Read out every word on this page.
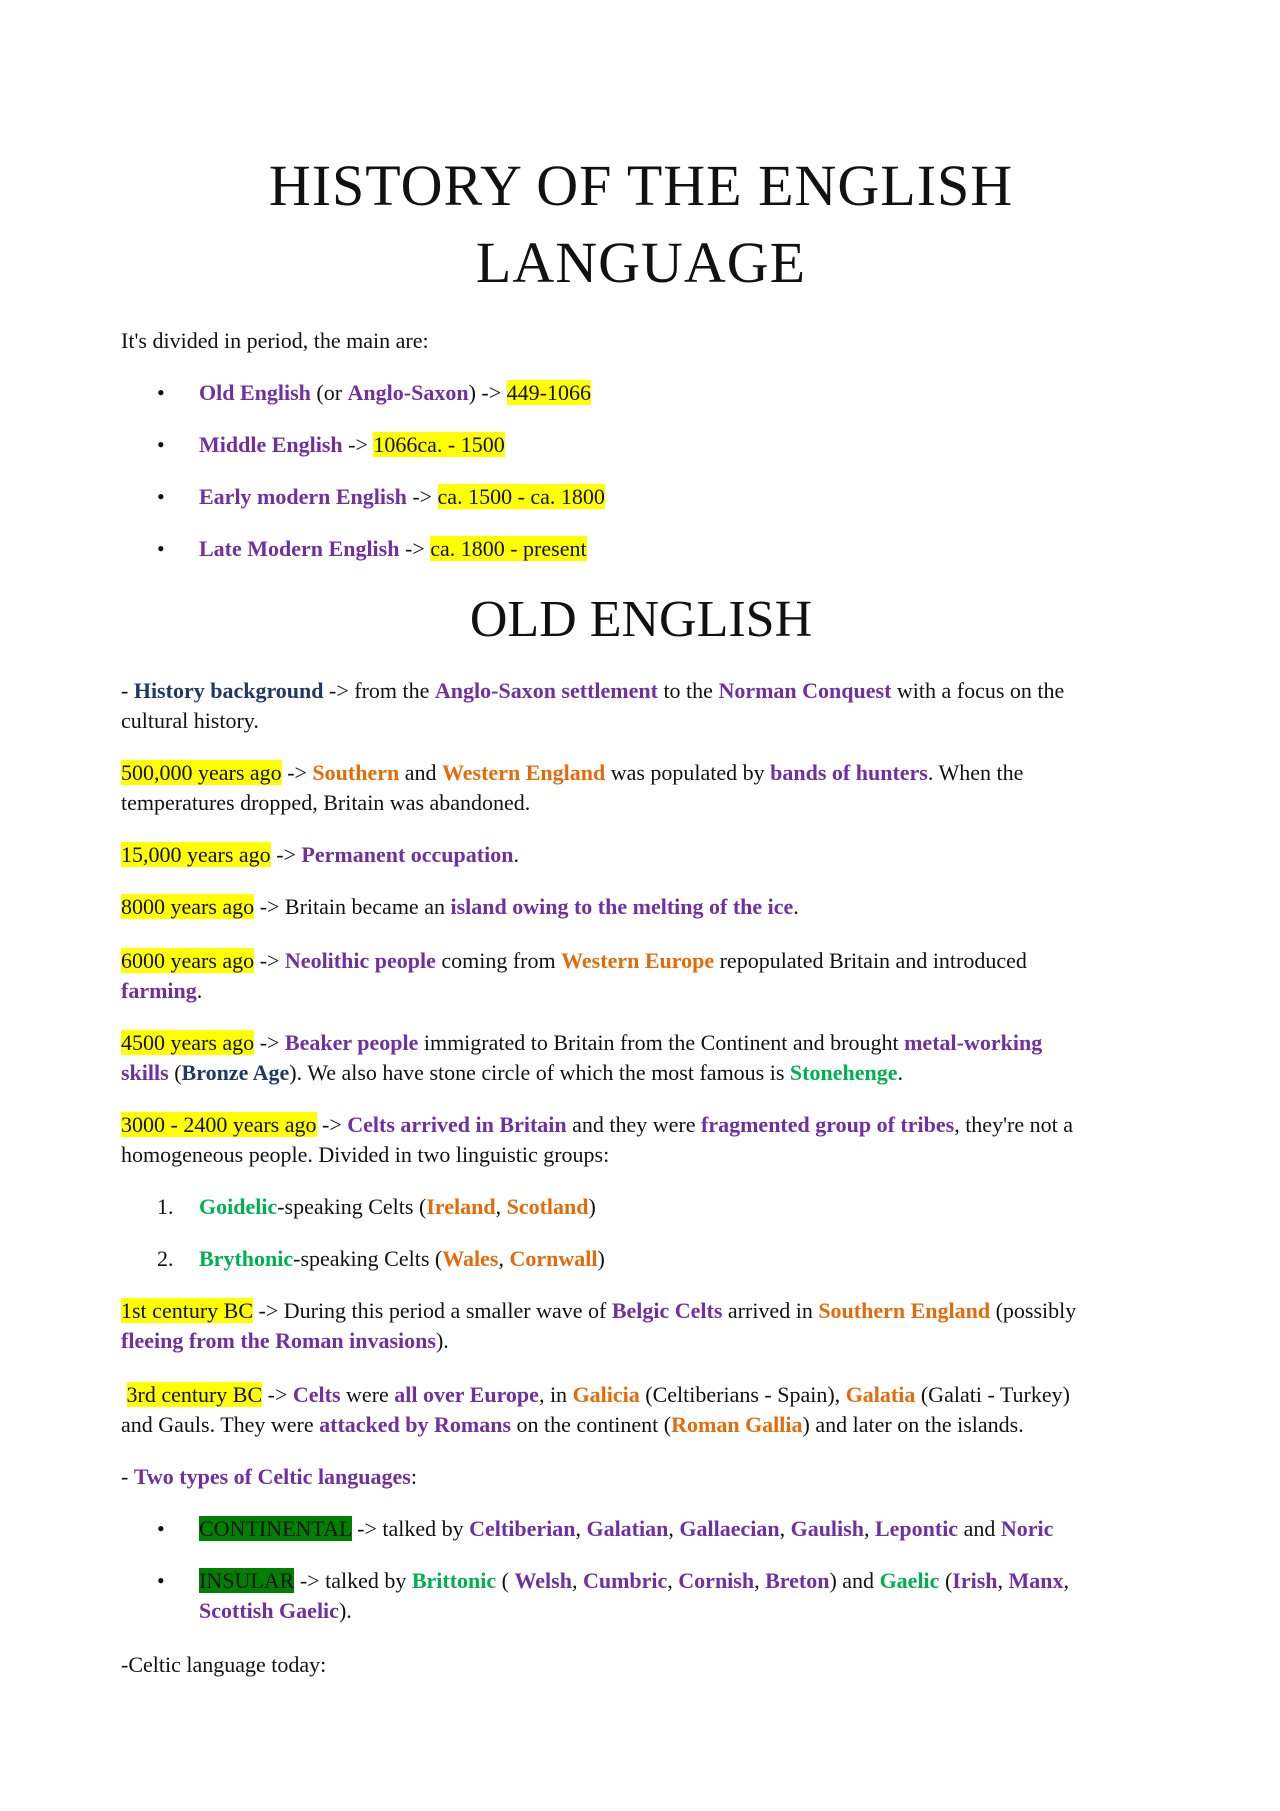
HISTORY OF THE ENGLISH
LANGUAGE

It's divided in period, the main are:

• Old English (or Anglo-Saxon) -> 449-1066
• Middle English -> 1066ca. - 1500
• Early modern English -> ca. 1500 - ca. 1800
• Late Modern English -> ca. 1800 - present
OLD ENGLISH

- History background -> from the Anglo-Saxon settlement to the Norman Conquest with a focus on the
cultural history.

500,000 years ago -> Southern and Western England was populated by bands of hunters. When the
temperatures dropped, Britain was abandoned.

15,000 years ago -> Permanent occupation.

8000 years ago -> Britain became an island owing to the melting of the ice.

6000 years ago -> Neolithic people coming from Western Europe repopulated Britain and introduced
farming.

4500 years ago -> Beaker people immigrated to Britain from the Continent and brought metal-working
skills (Bronze Age). We also have stone circle of which the most famous is Stonehenge.

3000 - 2400 years ago -> Celts arrived in Britain and they were fragmented group of tribes, they're not a
homogeneous people. Divided in two linguistic groups:

1. Goidelic-speaking Celts (Ireland, Scotland)
2. Brythonic-speaking Celts (Wales, Cornwall)

1st century BC -> During this period a smaller wave of Belgic Celts arrived in Southern England (possibly
fleeing from the Roman invasions).

3rd century BC -> Celts were all over Europe, in Galicia (Celtiberians - Spain), Galatia (Galati - Turkey)
and Gauls. They were attacked by Romans on the continent (Roman Gallia) and later on the islands.

- Two types of Celtic languages:

• CONTINENTAL -> talked by Celtiberian, Galatian, Gallaecian, Gaulish, Lepontic and Noric
• INSULAR -> talked by Brittonic ( Welsh, Cumbric, Cornish, Breton) and Gaelic (Irish, Manx,
Scottish Gaelic).

-Celtic language today:
